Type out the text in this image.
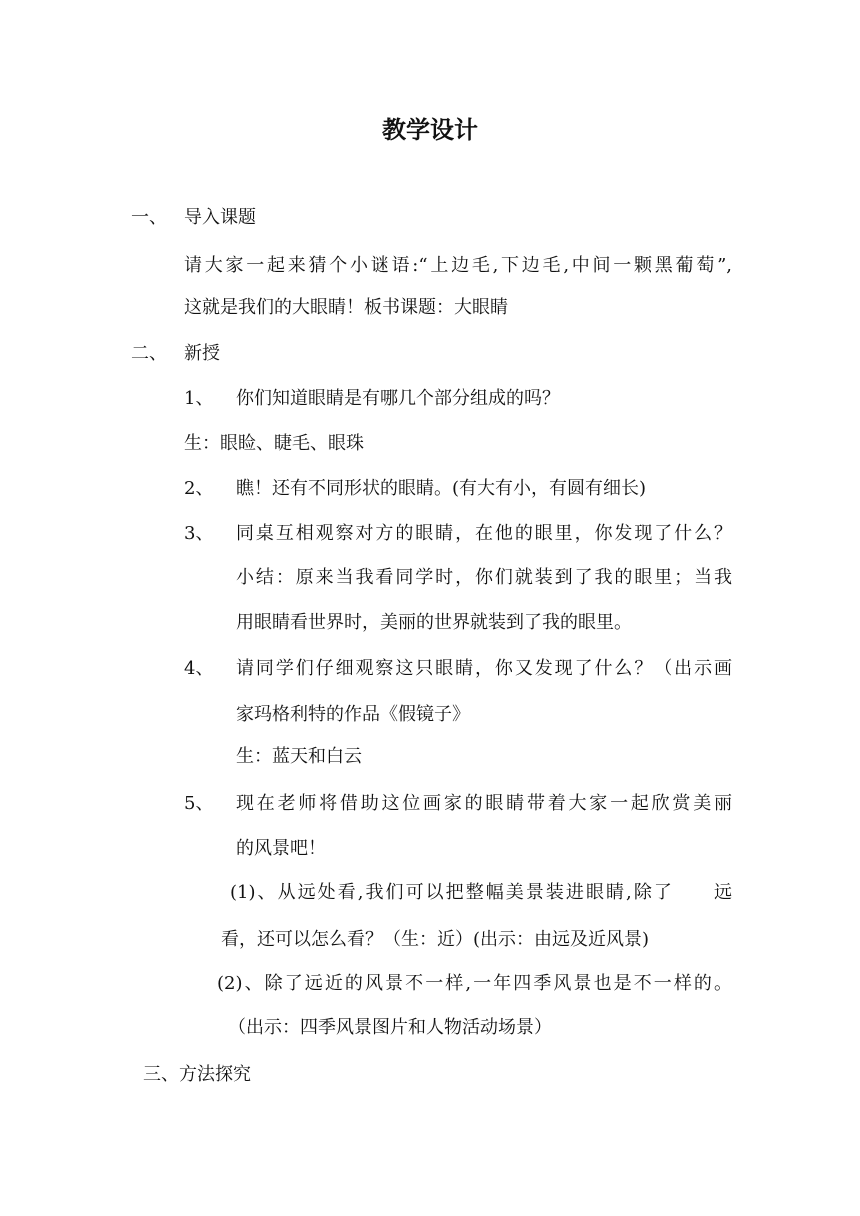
教学设计
一、 导入课题
请大家一起来猜个小谜语:“上边毛,下边毛,中间一颗黑葡萄”,
这就是我们的大眼睛！板书课题：大眼睛
二、 新授
1、 你们知道眼睛是有哪几个部分组成的吗？
生：眼睑、睫毛、眼珠
2、 瞧！还有不同形状的眼睛。(有大有小，有圆有细长)
3、 同桌互相观察对方的眼睛，在他的眼里，你发现了什么？
小结：原来当我看同学时，你们就装到了我的眼里；当我
用眼睛看世界时，美丽的世界就装到了我的眼里。
4、 请同学们仔细观察这只眼睛，你又发现了什么？（出示画
家玛格利特的作品《假镜子》
生：蓝天和白云
5、 现在老师将借助这位画家的眼睛带着大家一起欣赏美丽
的风景吧！
(1)、从远处看,我们可以把整幅美景装进眼睛,除了　　远
看，还可以怎么看？（生：近）(出示：由远及近风景)
(2)、除了远近的风景不一样,一年四季风景也是不一样的。
（出示：四季风景图片和人物活动场景）
三、方法探究
